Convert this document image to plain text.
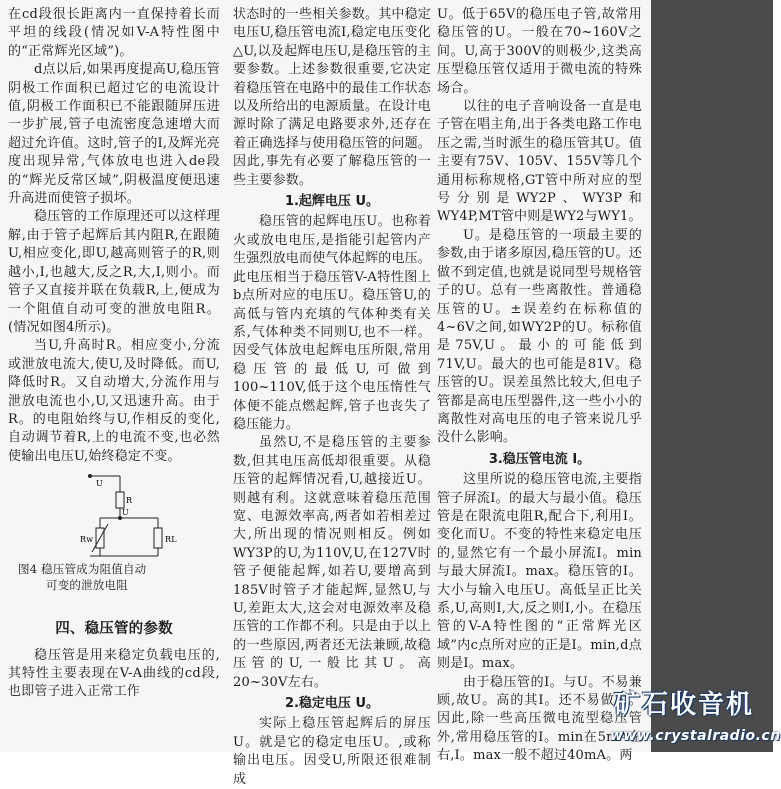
在cd段很长距离内一直保持着长而平坦的线段(情况如V-A特性图中的“正常辉光区域”)。

d点以后,如果再度提高U,稳压管阴极工作面积已超过它的电流设计值,阴极工作面积已不能跟随屏压进一步扩展,管子电流密度急速增大而超过允许值。这时,管子的I,及辉光亮度出现异常,气体放电也进入de段的“辉光反常区域”,阴极温度便迅速升高进而使管子损坏。

稳压管的工作原理还可以这样理解,由于管子起辉后其内阻R,在跟随U,相应变化,即U,越高则管子的R,则越小,I,也越大,反之R,大,I,则小。而管子又直接并联在负载R,上,便成为一个阻值自动可变的泄放电阻R。(情况如图4所示)。

当U,升高时R。相应变小,分流或泄放电流大,使U,及时降低。而U,降低时R。又自动增大,分流作用与泄放电流也小,U,又迅速升高。由于R。的电阻始终与U,作相反的变化,自动调节着R,上的电流不变,也必然使输出电压U,始终稳定不变。

U
R
U
Rw	RL
图4 稳压管成为阻值自动
可变的泄放电阻
四、稳压管的参数

稳压管是用来稳定负载电压的,其特性主要表现在V-A曲线的cd段,也即管子进入正常工作

状态时的一些相关参数。其中稳定电压U,稳压管电流I,稳定电压变化△U,以及起辉电压U,是稳压管的主要参数。上述参数很重要,它决定着稳压管在电路中的最佳工作状态以及所给出的电源质量。在设计电源时除了满足电路要求外,还存在着正确选择与使用稳压管的问题。因此,事先有必要了解稳压管的一些主要参数。

1.起辉电压 U。

稳压管的起辉电压U。也称着火或放电电压,是指能引起管内产生强烈放电而使气体起辉的电压。此电压相当于稳压管V-A特性图上b点所对应的电压U。稳压管U,的高低与管内充填的气体种类有关系,气体种类不同则U,也不一样。因受气体放电起辉电压所限,常用稳压管的最低U,可做到100~110V,低于这个电压惰性气体便不能点燃起辉,管子也丧失了稳压能力。

虽然U,不是稳压管的主要参数,但其电压高低却很重要。从稳压管的起辉情况看,U,越接近U。则越有利。这就意味着稳压范围宽、电源效率高,两者如若相差过大,所出现的情况则相反。例如WY3P的U,为110V,U,在127V时管子便能起辉,如若U,要增高到185V时管子才能起辉,显然U,与U,差距太大,这会对电源效率及稳压管的工作都不利。只是由于以上的一些原因,两者还无法兼顾,故稳压管的U,一般比其U。高20~30V左右。

2.稳定电压 U。

实际上稳压管起辉后的屏压U。就是它的稳定电压U。,或称输出电压。因受U,所限还很难制成

U。低于65V的稳压电子管,故常用稳压管的U。一般在70~160V之间。U,高于300V的则极少,这类高压型稳压管仅适用于微电流的特殊场合。

以往的电子音响设备一直是电子管在唱主角,出于各类电路工作电压之需,当时派生的稳压管其U。值主要有75V、105V、155V等几个通用标称规格,GT管中所对应的型号分别是WY2P、WY3P和WY4P,MT管中则是WY2与WY1。

U。是稳压管的一项最主要的参数,由于诸多原因,稳压管的U。还做不到定值,也就是说同型号规格管子的U。总有一些离散性。普通稳压管的U。±误差约在标称值的4~6V之间,如WY2P的U。标称值是75V,U。最小的可能低到71V,U。最大的也可能是81V。稳压管的U。误差虽然比较大,但电子管都是高电压型器件,这一些小小的离散性对高电压的电子管来说几乎没什么影响。

3.稳压管电流 I。

这里所说的稳压管电流,主要指管子屏流I。的最大与最小值。稳压管是在限流电阻R,配合下,利用I。变化而U。不变的特性来稳定电压的,显然它有一个最小屏流I。min与最大屏流I。max。稳压管的I。大小与输入电压U。高低呈正比关系,U,高则I,大,反之则I,小。在稳压管的V-A特性图的“正常辉光区域”内c点所对应的正是I。min,d点则是I。max。

由于稳压管的I。与U。不易兼顾,故U。高的其I。还不易做大。因此,除一些高压微电流型稳压管外,常用稳压管的I。min在5mA左右,I。max一般不超过40mA。两

矿石收音机
www.crystalradio.cn
